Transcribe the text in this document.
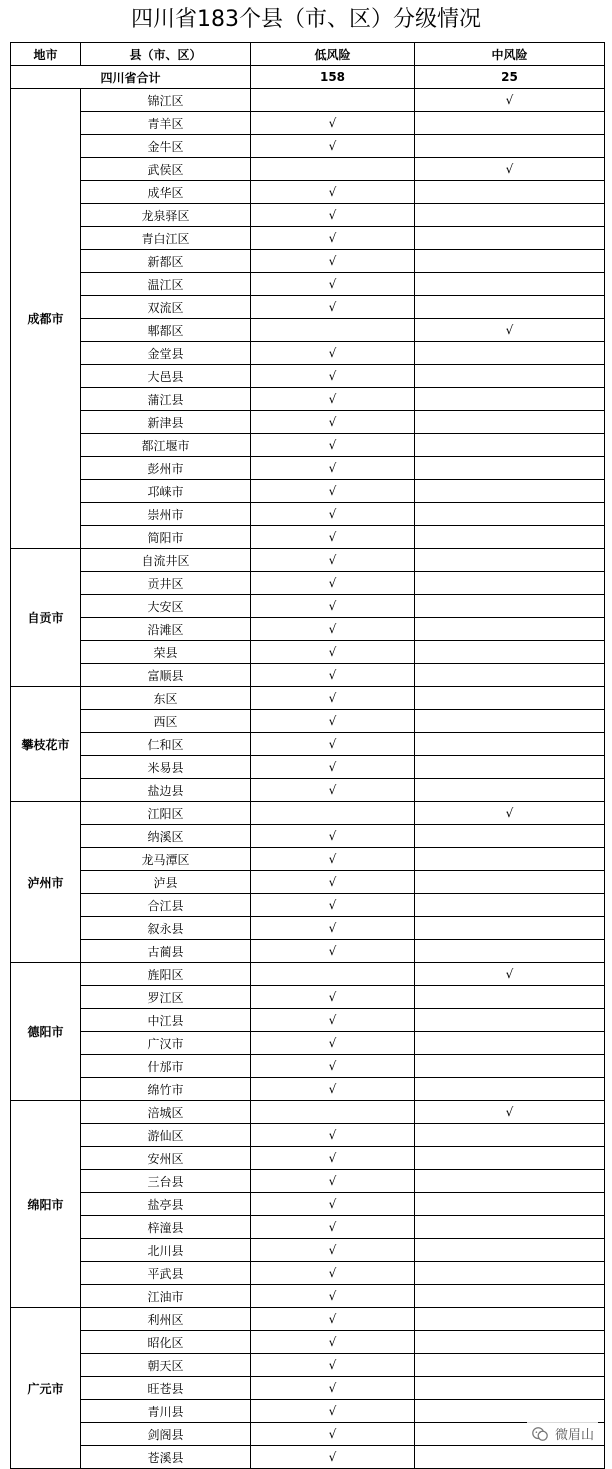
四川省183个县（市、区）分级情况
地市	县（市、区）	低风险	中风险
四川省合计		158	25
成都市	锦江区		√
	青羊区	√	
	金牛区	√	
	武侯区		√
	成华区	√	
	龙泉驿区	√	
	青白江区	√	
	新都区	√	
	温江区	√	
	双流区	√	
	郫都区		√
	金堂县	√	
	大邑县	√	
	蒲江县	√	
	新津县	√	
	都江堰市	√	
	彭州市	√	
	邛崃市	√	
	崇州市	√	
	简阳市	√	
自贡市	自流井区	√	
	贡井区	√	
	大安区	√	
	沿滩区	√	
	荣县	√	
	富顺县	√	
攀枝花市	东区	√	
	西区	√	
	仁和区	√	
	米易县	√	
	盐边县	√	
泸州市	江阳区		√
	纳溪区	√	
	龙马潭区	√	
	泸县	√	
	合江县	√	
	叙永县	√	
	古蔺县	√	
德阳市	旌阳区		√
	罗江区	√	
	中江县	√	
	广汉市	√	
	什邡市	√	
	绵竹市	√	
绵阳市	涪城区		√
	游仙区	√	
	安州区	√	
	三台县	√	
	盐亭县	√	
	梓潼县	√	
	北川县	√	
	平武县	√	
	江油市	√	
广元市	利州区	√	
	昭化区	√	
	朝天区	√	
	旺苍县	√	
	青川县	√	
	剑阁县	√	
	苍溪县	√	
微眉山
